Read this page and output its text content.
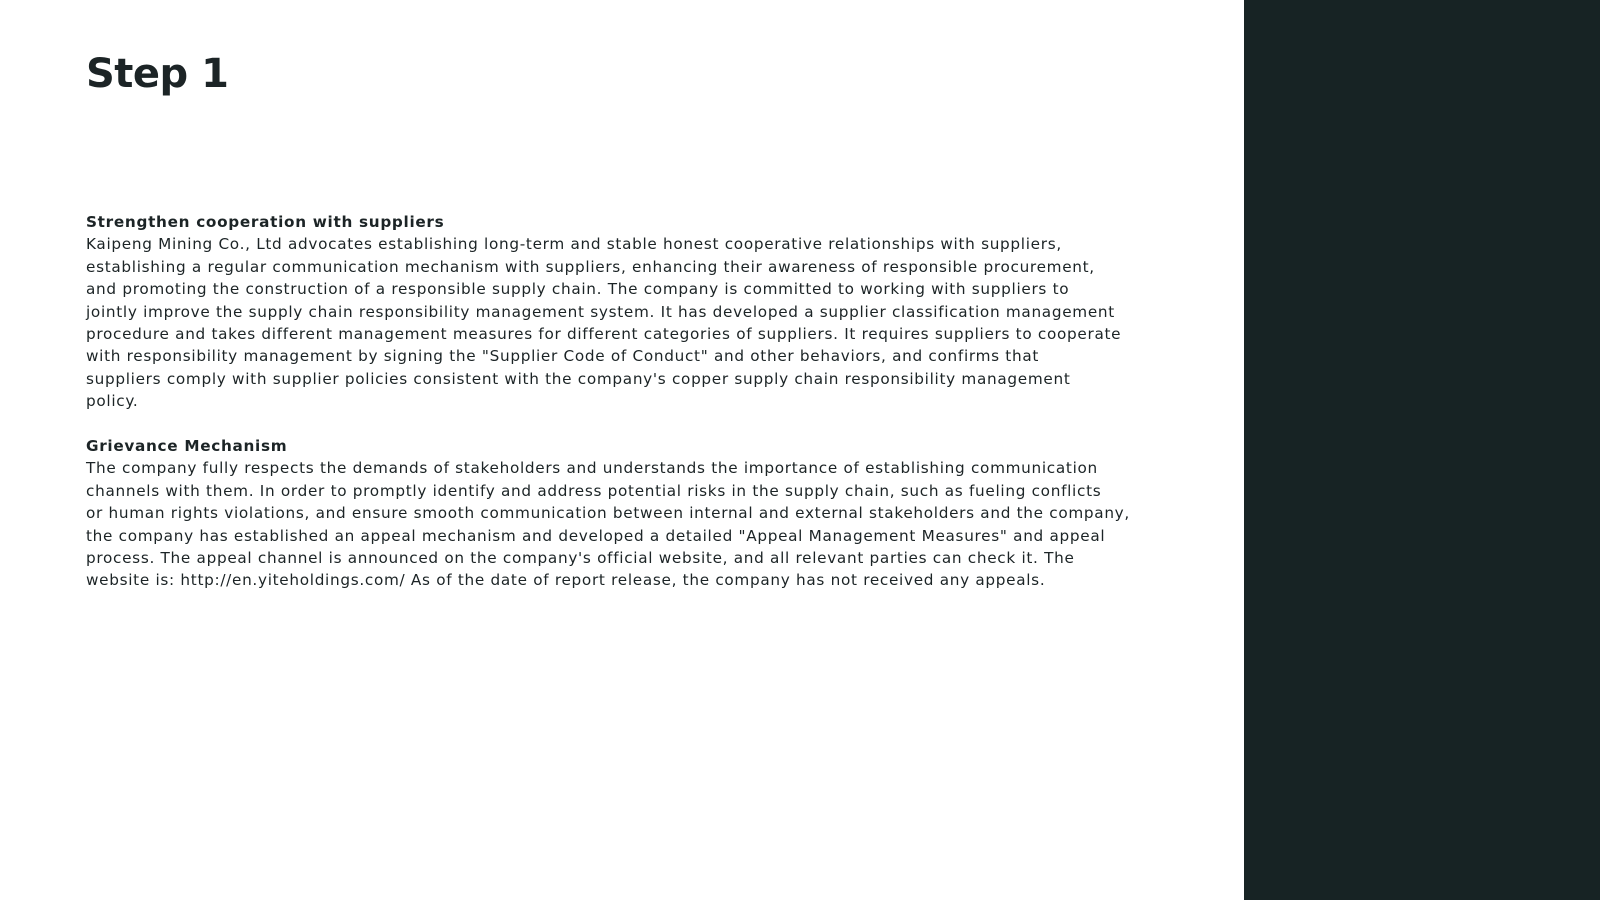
Step 1
Strengthen cooperation with suppliers
Kaipeng Mining Co., Ltd advocates establishing long-term and stable honest cooperative relationships with suppliers,
establishing a regular communication mechanism with suppliers, enhancing their awareness of responsible procurement,
and promoting the construction of a responsible supply chain. The company is committed to working with suppliers to
jointly improve the supply chain responsibility management system. It has developed a supplier classification management
procedure and takes different management measures for different categories of suppliers. It requires suppliers to cooperate
with responsibility management by signing the "Supplier Code of Conduct" and other behaviors, and confirms that
suppliers comply with supplier policies consistent with the company's copper supply chain responsibility management
policy.
Grievance Mechanism
The company fully respects the demands of stakeholders and understands the importance of establishing communication
channels with them. In order to promptly identify and address potential risks in the supply chain, such as fueling conflicts
or human rights violations, and ensure smooth communication between internal and external stakeholders and the company,
the company has established an appeal mechanism and developed a detailed "Appeal Management Measures" and appeal
process. The appeal channel is announced on the company's official website, and all relevant parties can check it. The
website is: http://en.yiteholdings.com/ As of the date of report release, the company has not received any appeals.
